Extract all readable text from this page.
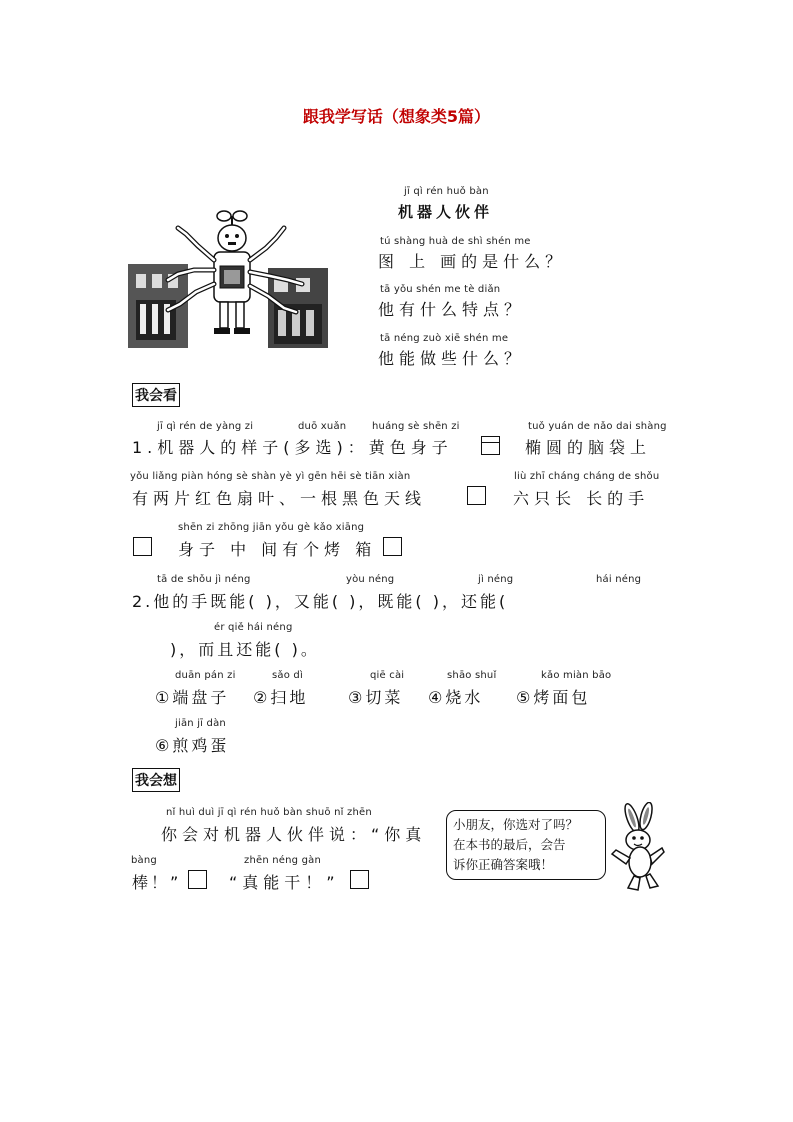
跟我学写话（想象类5篇）
jī qì rén huǒ bàn
机器人伙伴
tú shàng huà de shì shén me
图 上 画的是什么？
tā yǒu shén me tè diǎn
他有什么特点？
tā néng zuò xiē shén me
他能做些什么？
我会看
jī qì rén de yàng zi	duō xuǎn	huáng sè shēn zi	tuǒ yuán de nǎo dai shàng
1.机器人的样子(多选)：黄色身子	椭圆的脑袋上
yǒu liǎng piàn hóng sè shàn yè yì gēn hēi sè tiān xiàn	liù zhī cháng cháng de shǒu
有两片红色扇叶、一根黑色天线	六只长 长的手
shēn zi zhōng jiān yǒu gè kǎo xiāng
身子 中 间有个烤 箱
tā de shǒu jì néng	yòu néng	jì néng	hái néng
2.他的手既能( )，又能( )，既能( )，还能(
ér qiě hái néng
)，而且还能( )。
duān pán zi	sǎo dì	qiē cài	shāo shuǐ	kǎo miàn bāo
①端盘子 ②扫地 ③切菜 ④烧水 ⑤烤面包
jiān jī dàn
⑥煎鸡蛋
我会想
nǐ huì duì jī qì rén huǒ bàn shuō nǐ zhēn
你会对机器人伙伴说：“你真
bàng	zhēn néng gàn
棒！”	“真能干！”
小朋友，你选对了吗？
在本书的最后，会告
诉你正确答案哦！
